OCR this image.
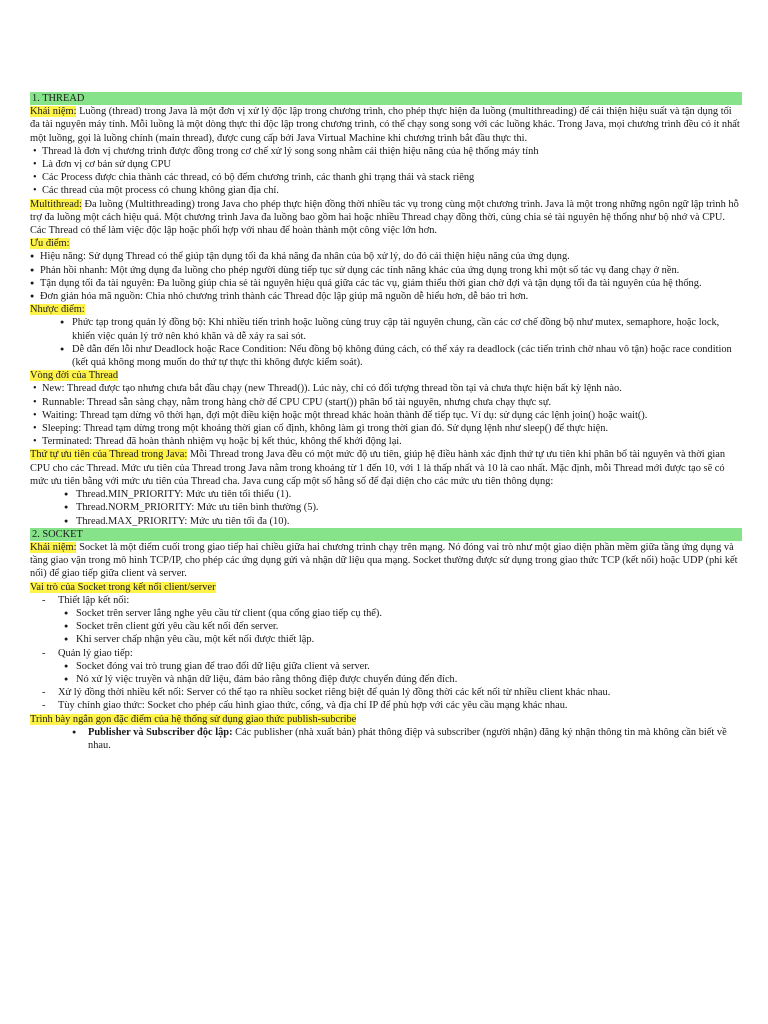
1. THREAD

Khái niệm: Luồng (thread) trong Java là một đơn vị xử lý độc lập trong chương trình, cho phép thực hiện đa luồng (multithreading) để cải thiện hiệu suất và tận dụng tối đa tài nguyên máy tính. Mỗi luồng là một dòng thực thi độc lập trong chương trình, có thể chạy song song với các luồng khác. Trong Java, mọi chương trình đều có ít nhất một luồng, gọi là luồng chính (main thread), được cung cấp bởi Java Virtual Machine khi chương trình bắt đầu thực thi.

• Thread là đơn vị chương trình được đồng trong cơ chế xử lý song song nhằm cải thiện hiệu năng của hệ thống máy tính
• Là đơn vị cơ bản sử dụng CPU
• Các Process được chia thành các thread, có bộ đếm chương trình, các thanh ghi trạng thái và stack riêng
• Các thread của một process có chung không gian địa chỉ.

Multithread: Đa luồng (Multithreading) trong Java cho phép thực hiện đồng thời nhiều tác vụ trong cùng một chương trình. Java là một trong những ngôn ngữ lập trình hỗ trợ đa luồng một cách hiệu quả. Một chương trình Java đa luồng bao gồm hai hoặc nhiều Thread chạy đồng thời, cùng chia sẻ tài nguyên hệ thống như bộ nhớ và CPU. Các Thread có thể làm việc độc lập hoặc phối hợp với nhau để hoàn thành một công việc lớn hơn.

Ưu điểm:

● Hiệu năng: Sử dụng Thread có thể giúp tận dụng tối đa khả năng đa nhân của bộ xử lý, do đó cải thiện hiệu năng của ứng dụng.
● Phản hồi nhanh: Một ứng dụng đa luồng cho phép người dùng tiếp tục sử dụng các tính năng khác của ứng dụng trong khi một số tác vụ đang chạy ở nền.
● Tận dụng tối đa tài nguyên: Đa luồng giúp chia sẻ tài nguyên hiệu quả giữa các tác vụ, giảm thiểu thời gian chờ đợi và tận dụng tối đa tài nguyên của hệ thống.
● Đơn giản hóa mã nguồn: Chia nhỏ chương trình thành các Thread độc lập giúp mã nguồn dễ hiểu hơn, dễ bảo trì hơn.

Nhược điểm:

● Phức tạp trong quản lý đồng bộ: Khi nhiều tiến trình hoặc luồng cùng truy cập tài nguyên chung, cần các cơ chế đồng bộ như mutex, semaphore, hoặc lock, khiến việc quản lý trở nên khó khăn và dễ xảy ra sai sót.
● Dễ dẫn đến lỗi như Deadlock hoặc Race Condition: Nếu đồng bộ không đúng cách, có thể xảy ra deadlock (các tiến trình chờ nhau vô tận) hoặc race condition (kết quả không mong muốn do thứ tự thực thi không được kiểm soát).

Vòng đời của Thread

• New: Thread được tạo nhưng chưa bắt đầu chạy (new Thread()). Lúc này, chỉ có đối tượng thread tồn tại và chưa thực hiện bất kỳ lệnh nào.
• Runnable: Thread sẵn sàng chạy, nằm trong hàng chờ để CPU CPU (start()) phân bổ tài nguyên, nhưng chưa chạy thực sự.
• Waiting: Thread tạm dừng vô thời hạn, đợi một điều kiện hoặc một thread khác hoàn thành để tiếp tục. Ví dụ: sử dụng các lệnh join() hoặc wait().
• Sleeping: Thread tạm dừng trong một khoảng thời gian cố định, không làm gì trong thời gian đó. Sử dụng lệnh như sleep() để thực hiện.
• Terminated: Thread đã hoàn thành nhiệm vụ hoặc bị kết thúc, không thể khởi động lại.

Thứ tự ưu tiên của Thread trong Java: Mỗi Thread trong Java đều có một mức độ ưu tiên, giúp hệ điều hành xác định thứ tự ưu tiên khi phân bổ tài nguyên và thời gian CPU cho các Thread. Mức ưu tiên của Thread trong Java nằm trong khoảng từ 1 đến 10, với 1 là thấp nhất và 10 là cao nhất. Mặc định, mỗi Thread mới được tạo sẽ có mức ưu tiên bằng với mức ưu tiên của Thread cha. Java cung cấp một số hằng số để đại diện cho các mức ưu tiên thông dụng:

● Thread.MIN_PRIORITY: Mức ưu tiên tối thiểu (1).
● Thread.NORM_PRIORITY: Mức ưu tiên bình thường (5).
● Thread.MAX_PRIORITY: Mức ưu tiên tối đa (10).
2. SOCKET

Khái niệm: Socket là một điểm cuối trong giao tiếp hai chiều giữa hai chương trình chạy trên mạng. Nó đóng vai trò như một giao diện phần mềm giữa tầng ứng dụng và tầng giao vận trong mô hình TCP/IP, cho phép các ứng dụng gửi và nhận dữ liệu qua mạng. Socket thường được sử dụng trong giao thức TCP (kết nối) hoặc UDP (phi kết nối) để giao tiếp giữa client và server.

Vai trò của Socket trong kết nối client/server

- Thiết lập kết nối:
● Socket trên server lắng nghe yêu cầu từ client (qua cổng giao tiếp cụ thể).
● Socket trên client gửi yêu cầu kết nối đến server.
● Khi server chấp nhận yêu cầu, một kết nối được thiết lập.
- Quản lý giao tiếp:
● Socket đóng vai trò trung gian để trao đổi dữ liệu giữa client và server.
● Nó xử lý việc truyền và nhận dữ liệu, đảm bảo rằng thông điệp được chuyển đúng đến đích.
- Xử lý đồng thời nhiều kết nối: Server có thể tạo ra nhiều socket riêng biệt để quản lý đồng thời các kết nối từ nhiều client khác nhau.
- Tùy chỉnh giao thức: Socket cho phép cấu hình giao thức, cổng, và địa chỉ IP để phù hợp với các yêu cầu mạng khác nhau.

Trình bày ngắn gọn đặc điểm của hệ thống sử dụng giao thức publish-subcribe

● Publisher và Subscriber độc lập: Các publisher (nhà xuất bản) phát thông điệp và subscriber (người nhận) đăng ký nhận thông tin mà không cần biết về nhau.
